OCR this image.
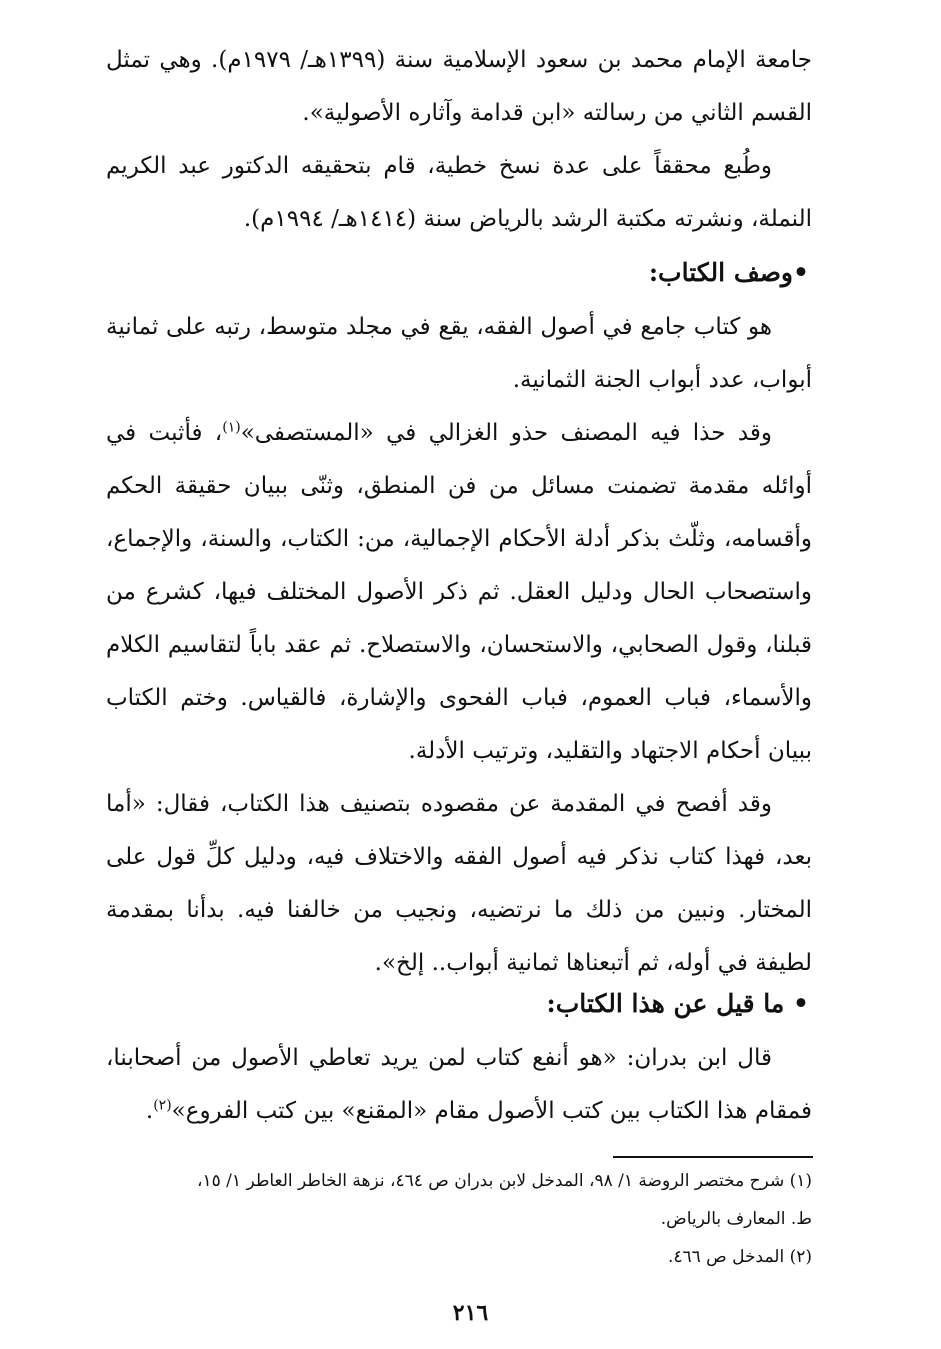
جامعة الإمام محمد بن سعود الإسلامية سنة (١٣٩٩هـ/ ١٩٧٩م). وهي تمثل القسم الثاني من رسالته «ابن قدامة وآثاره الأصولية».

وطُبع محققاً على عدة نسخ خطية، قام بتحقيقه الدكتور عبد الكريم النملة، ونشرته مكتبة الرشد بالرياض سنة (١٤١٤هـ/ ١٩٩٤م).

•وصف الكتاب:

هو كتاب جامع في أصول الفقه، يقع في مجلد متوسط، رتبه على ثمانية أبواب، عدد أبواب الجنة الثمانية.

وقد حذا فيه المصنف حذو الغزالي في «المستصفى»$^{(١)}$، فأثبت في أوائله مقدمة تضمنت مسائل من فن المنطق، وثنّى ببيان حقيقة الحكم وأقسامه، وثلّث بذكر أدلة الأحكام الإجمالية، من: الكتاب، والسنة، والإجماع، واستصحاب الحال ودليل العقل. ثم ذكر الأصول المختلف فيها، كشرع من قبلنا، وقول الصحابي، والاستحسان، والاستصلاح. ثم عقد باباً لتقاسيم الكلام والأسماء، فباب العموم، فباب الفحوى والإشارة، فالقياس. وختم الكتاب ببيان أحكام الاجتهاد والتقليد، وترتيب الأدلة.

وقد أفصح في المقدمة عن مقصوده بتصنيف هذا الكتاب، فقال: «أما بعد، فهذا كتاب نذكر فيه أصول الفقه والاختلاف فيه، ودليل كلِّ قول على المختار. ونبين من ذلك ما نرتضيه، ونجيب من خالفنا فيه. بدأنا بمقدمة لطيفة في أوله، ثم أتبعناها ثمانية أبواب.. إلخ».

• ما قيل عن هذا الكتاب:

قال ابن بدران: «هو أنفع كتاب لمن يريد تعاطي الأصول من أصحابنا، فمقام هذا الكتاب بين كتب الأصول مقام «المقنع» بين كتب الفروع»$^{(٢)}$.

(١) شرح مختصر الروضة ١/ ٩٨، المدخل لابن بدران ص ٤٦٤، نزهة الخاطر العاطر ١/ ١٥،

ط. المعارف بالرياض.

(٢) المدخل ص ٤٦٦.

٢١٦
